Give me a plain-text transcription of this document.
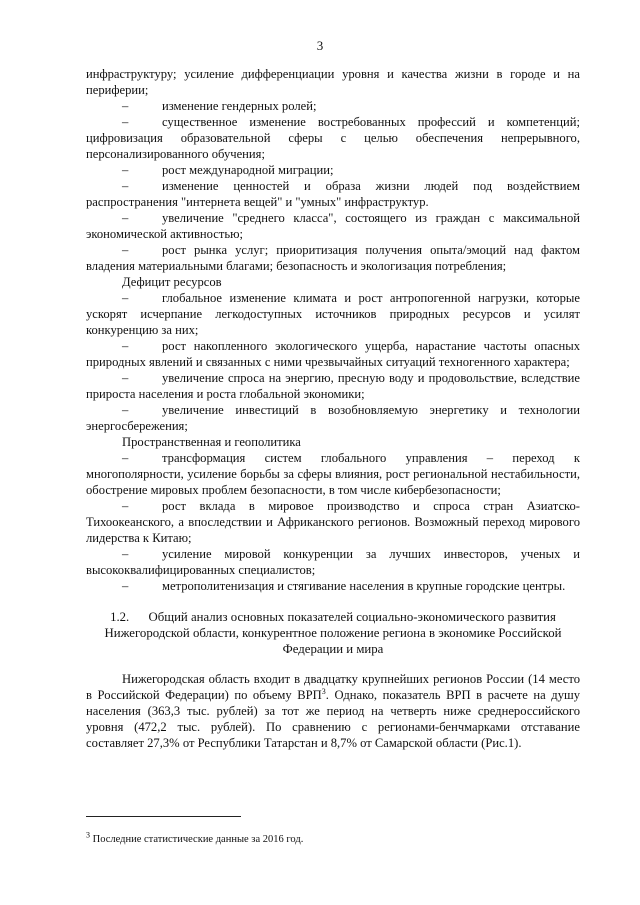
3

инфраструктуру; усиление дифференциации уровня и качества жизни в городе и на периферии;

–	изменение гендерных ролей;

–	существенное изменение востребованных профессий и компетенций; цифровизация образовательной сферы с целью обеспечения непрерывного, персонализированного обучения;

–	рост международной миграции;

–	изменение ценностей и образа жизни людей под воздействием распространения "интернета вещей" и "умных" инфраструктур.

–	увеличение "среднего класса", состоящего из граждан с максимальной экономической активностью;

–	рост рынка услуг; приоритизация получения опыта/эмоций над фактом владения материальными благами; безопасность и экологизация потребления;

Дефицит ресурсов

–	глобальное изменение климата и рост антропогенной нагрузки, которые ускорят исчерпание легкодоступных источников природных ресурсов и усилят конкуренцию за них;

–	рост накопленного экологического ущерба, нарастание частоты опасных природных явлений и связанных с ними чрезвычайных ситуаций техногенного характера;

–	увеличение спроса на энергию, пресную воду и продовольствие, вследствие прироста населения и роста глобальной экономики;

–	увеличение инвестиций в возобновляемую энергетику и технологии энергосбережения;

Пространственная и геополитика

–	трансформация систем глобального управления – переход к многополярности, усиление борьбы за сферы влияния, рост региональной нестабильности, обострение мировых проблем безопасности, в том числе кибербезопасности;

–	рост вклада в мировое производство и спроса стран Азиатско-Тихоокеанского, а впоследствии и Африканского регионов. Возможный переход мирового лидерства к Китаю;

–	усиление мировой конкуренции за лучших инвесторов, ученых и высококвалифицированных специалистов;

–	метрополитенизация и стягивание населения в крупные городские центры.

1.2. Общий анализ основных показателей социально-экономического развития Нижегородской области, конкурентное положение региона в экономике Российской Федерации и мира

Нижегородская область входит в двадцатку крупнейших регионов России (14 место в Российской Федерации) по объему ВРП$^3$. Однако, показатель ВРП в расчете на душу населения (363,3 тыс. рублей) за тот же период на четверть ниже среднероссийского уровня (472,2 тыс. рублей). По сравнению с регионами-бенчмарками отставание составляет 27,3% от Республики Татарстан и 8,7% от Самарской области (Рис.1).

$^3$ Последние статистические данные за 2016 год.
